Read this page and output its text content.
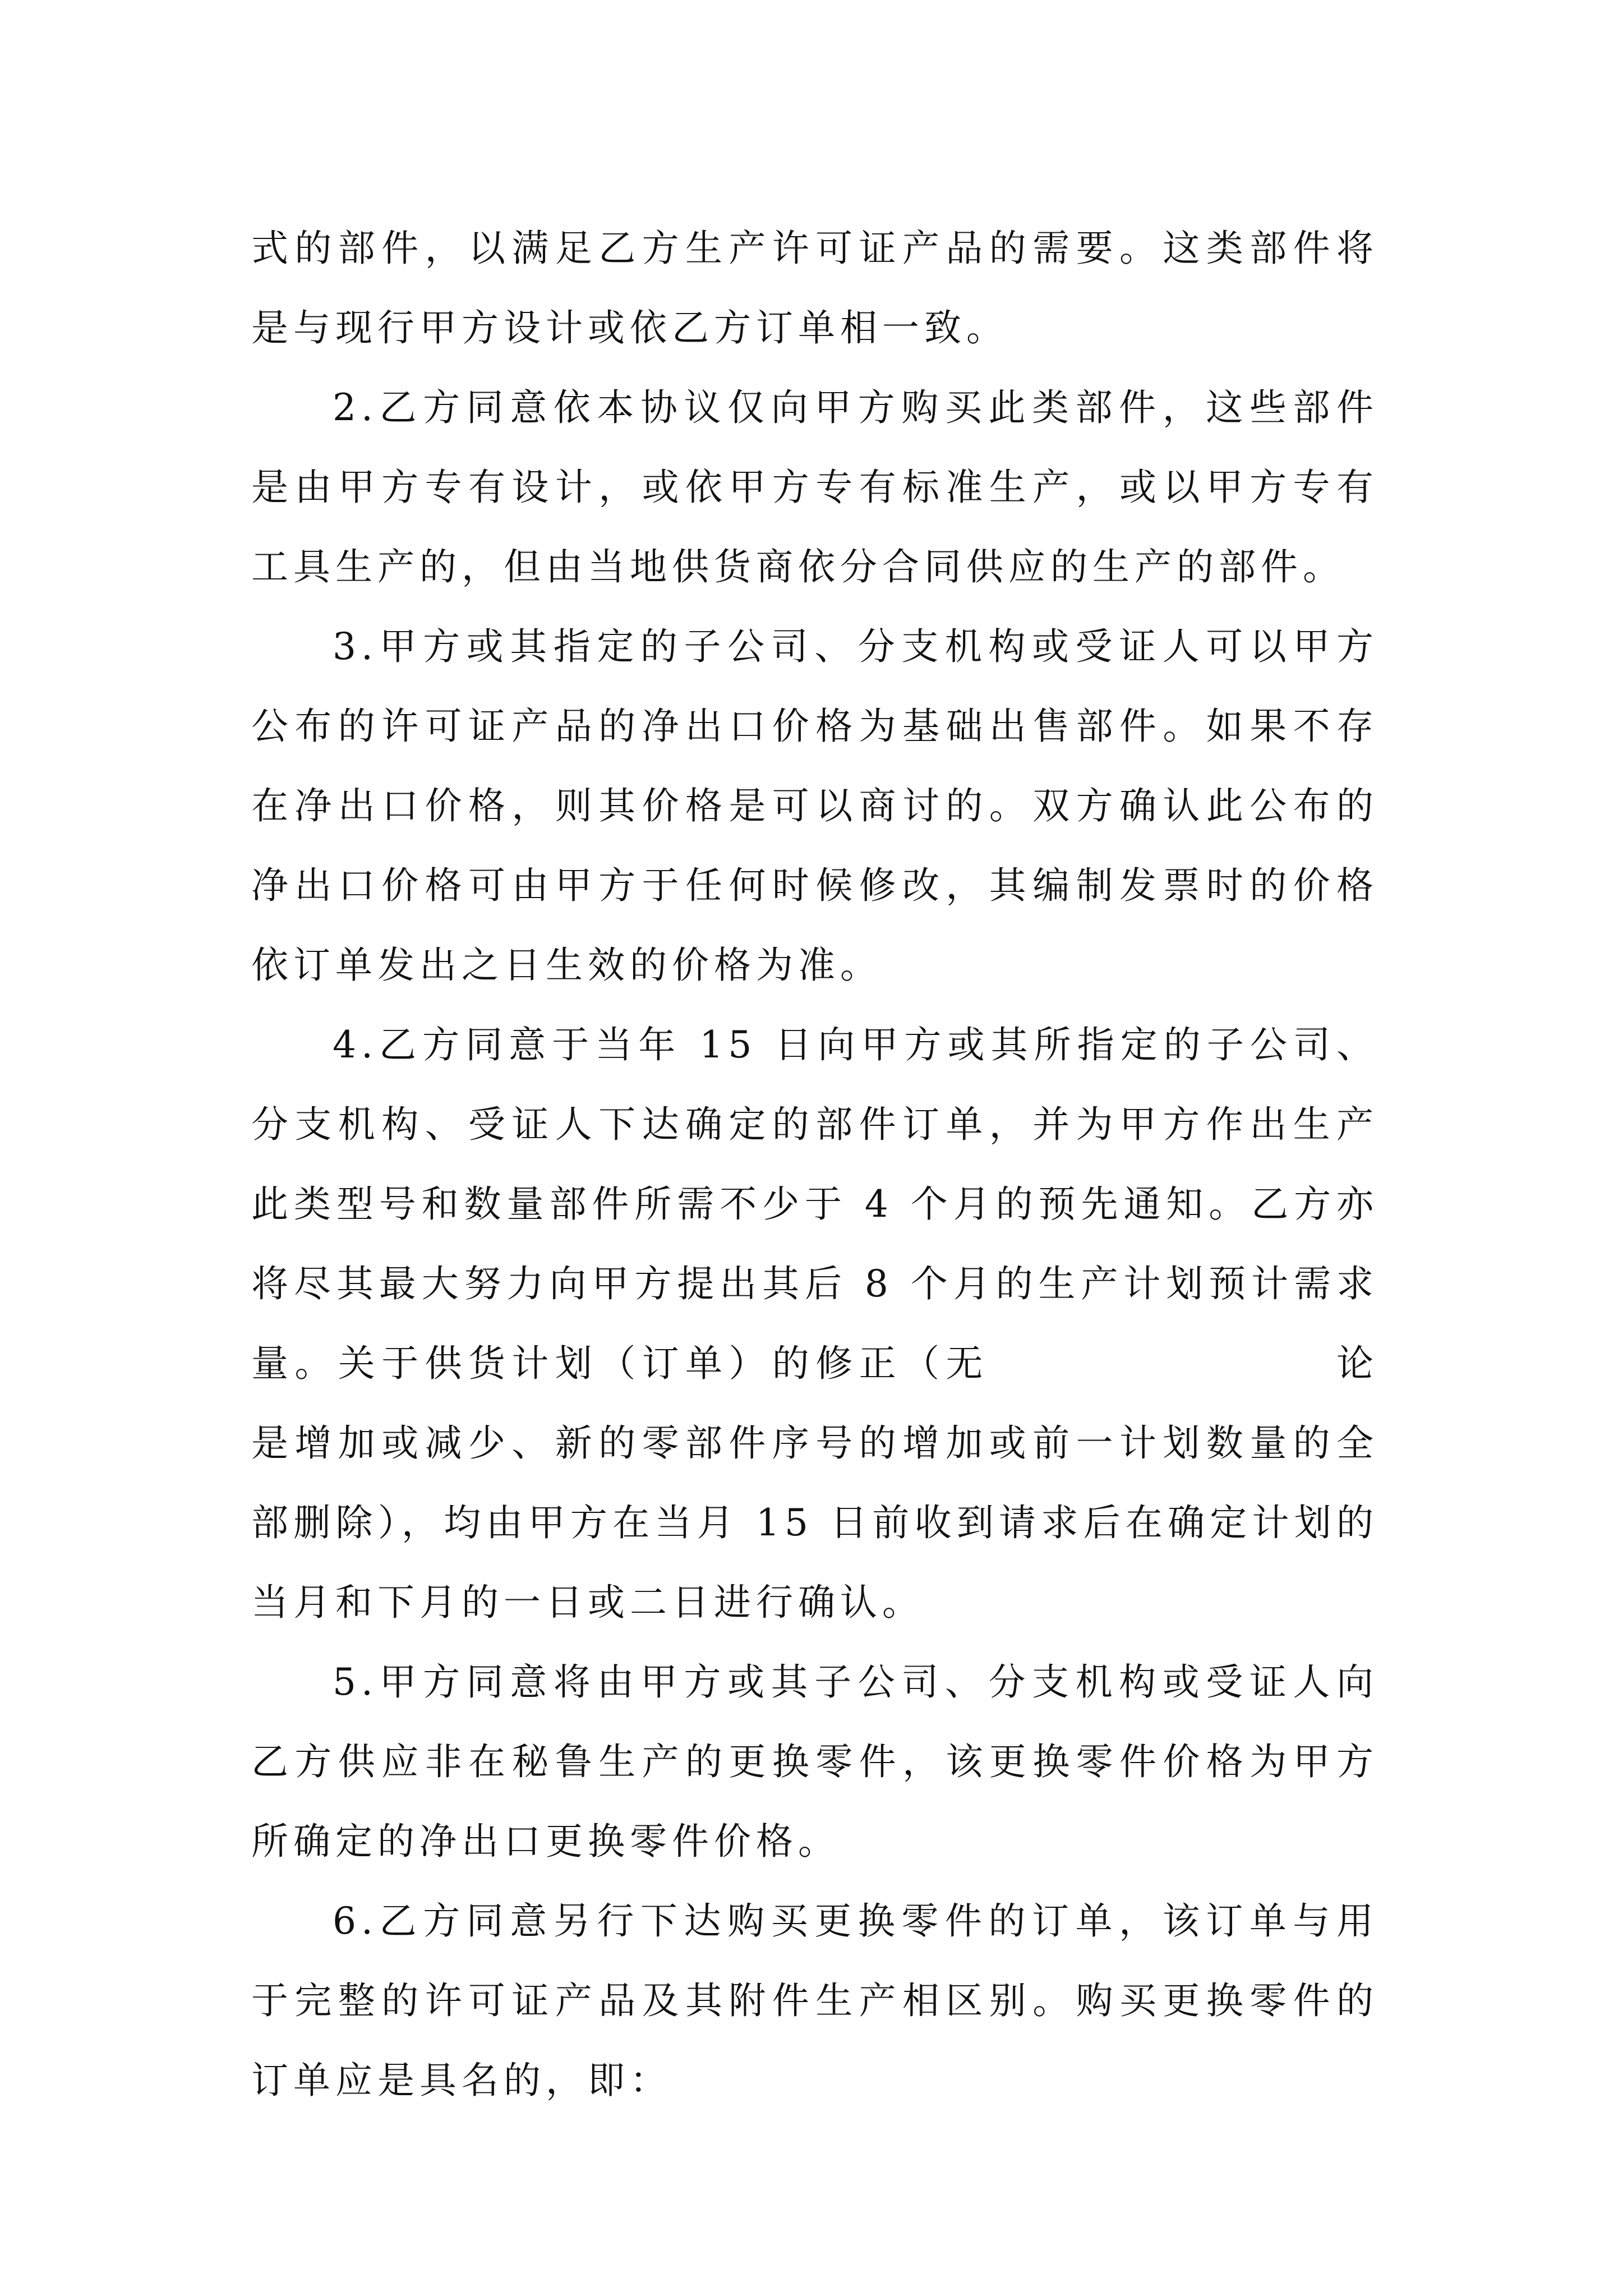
式的部件，以满足乙方生产许可证产品的需要。这类部件将是与现行甲方设计或依乙方订单相一致。

2.乙方同意依本协议仅向甲方购买此类部件，这些部件是由甲方专有设计，或依甲方专有标准生产，或以甲方专有工具生产的，但由当地供货商依分合同供应的生产的部件。

3.甲方或其指定的子公司、分支机构或受证人可以甲方公布的许可证产品的净出口价格为基础出售部件。如果不存在净出口价格，则其价格是可以商讨的。双方确认此公布的净出口价格可由甲方于任何时候修改，其编制发票时的价格依订单发出之日生效的价格为准。

4.乙方同意于当年 15 日向甲方或其所指定的子公司、分支机构、受证人下达确定的部件订单，并为甲方作出生产此类型号和数量部件所需不少于 4 个月的预先通知。乙方亦将尽其最大努力向甲方提出其后 8 个月的生产计划预计需求量。关于供货计划（订单）的修正（无　　　　　　　　论是增加或减少、新的零部件序号的增加或前一计划数量的全部删除），均由甲方在当月 15 日前收到请求后在确定计划的当月和下月的一日或二日进行确认。

5.甲方同意将由甲方或其子公司、分支机构或受证人向乙方供应非在秘鲁生产的更换零件，该更换零件价格为甲方所确定的净出口更换零件价格。

6.乙方同意另行下达购买更换零件的订单，该订单与用于完整的许可证产品及其附件生产相区别。购买更换零件的订单应是具名的，即：
